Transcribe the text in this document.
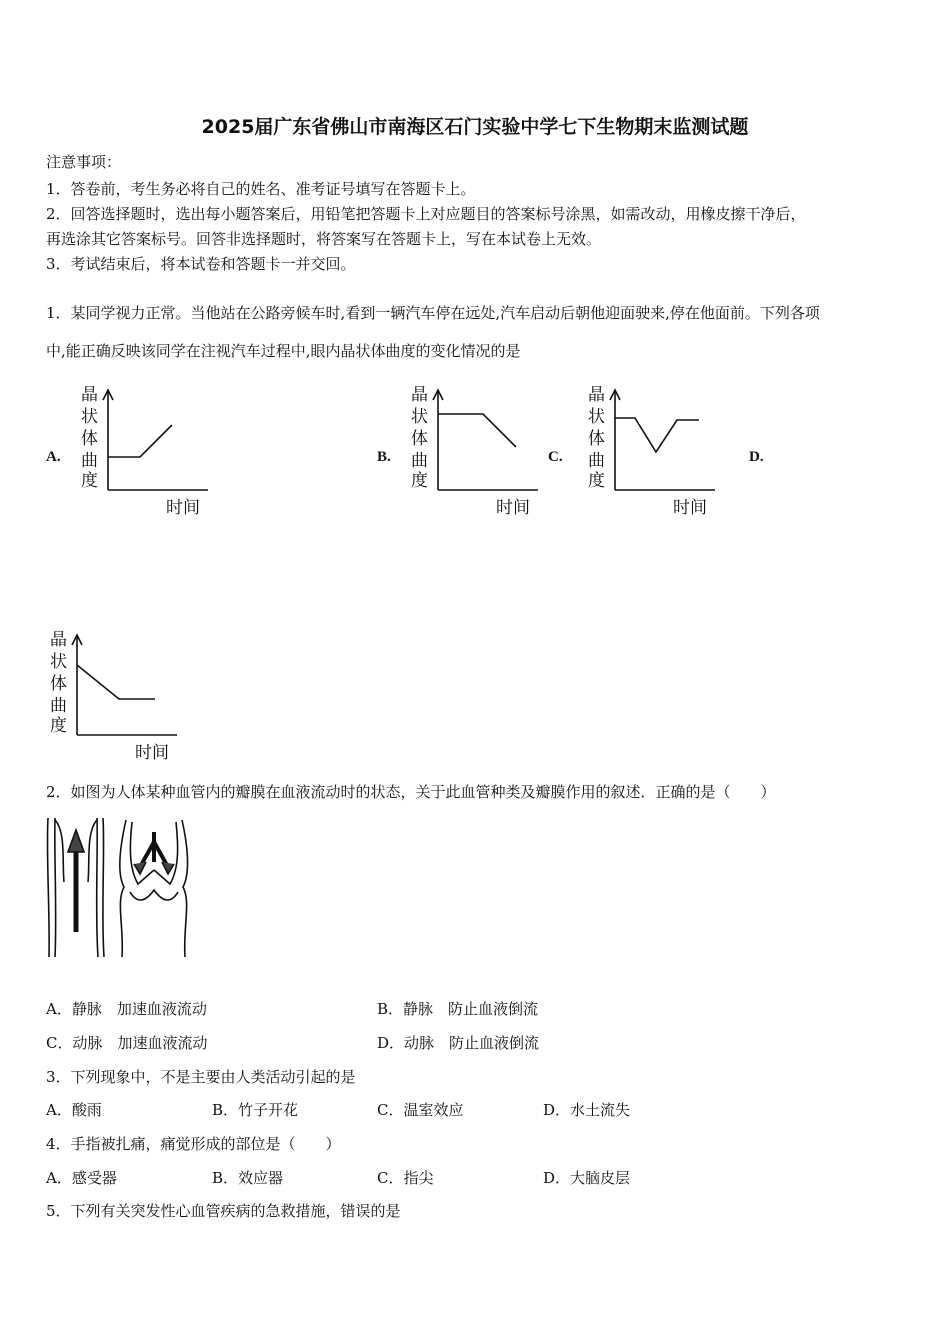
2025届广东省佛山市南海区石门实验中学七下生物期末监测试题
注意事项：
1．答卷前，考生务必将自己的姓名、准考证号填写在答题卡上。
2．回答选择题时，选出每小题答案后，用铅笔把答题卡上对应题目的答案标号涂黑，如需改动，用橡皮擦干净后，
再选涂其它答案标号。回答非选择题时，将答案写在答题卡上，写在本试卷上无效。
3．考试结束后，将本试卷和答题卡一并交回。
1．某同学视力正常。当他站在公路旁候车时,看到一辆汽车停在远处,汽车启动后朝他迎面驶来,停在他面前。下列各项
中,能正确反映该同学在注视汽车过程中,眼内晶状体曲度的变化情况的是
A.	B.	C.	D.
晶
状
体
曲
度
时间
晶
状
体
曲
度
时间
晶
状
体
曲
度
时间
晶
状
体
曲
度
时间
2．如图为人体某种血管内的瓣膜在血液流动时的状态，关于此血管种类及瓣膜作用的叙述．正确的是（　　）
A．静脉　加速血液流动	B．静脉　防止血液倒流
C．动脉　加速血液流动	D．动脉　防止血液倒流
3．下列现象中，不是主要由人类活动引起的是
A．酸雨	B．竹子开花	C．温室效应	D．水土流失
4．手指被扎痛，痛觉形成的部位是（　　）
A．感受器	B．效应器	C．指尖	D．大脑皮层
5．下列有关突发性心血管疾病的急救措施，错误的是
